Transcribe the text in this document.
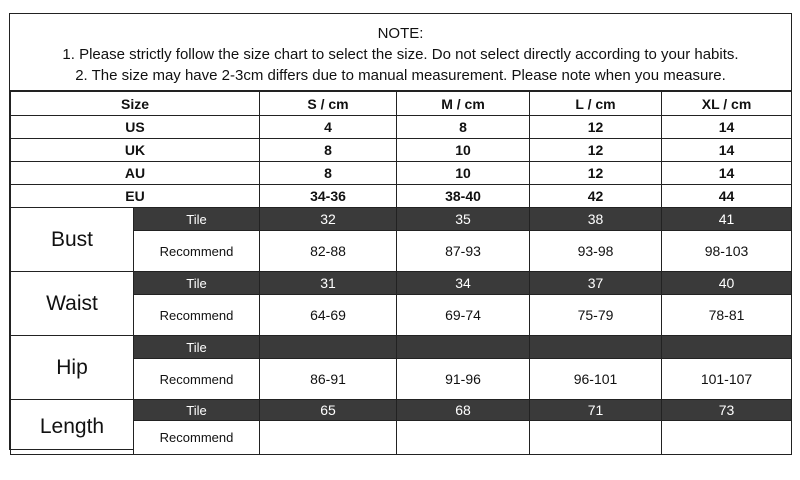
NOTE:
1. Please strictly follow the size chart to select the size. Do not select directly according to your habits.
2. The size may have 2-3cm differs due to manual measurement. Please note when you measure.
Size		S / cm	M / cm	L / cm	XL / cm
US		4	8	12	14
UK		8	10	12	14
AU		8	10	12	14
EU		34-36	38-40	42	44
Bust	Tile	32	35	38	41
	Recommend	82-88	87-93	93-98	98-103
Waist	Tile	31	34	37	40
	Recommend	64-69	69-74	75-79	78-81
Hip	Tile				
	Recommend	86-91	91-96	96-101	101-107
Length	Tile	65	68	71	73
	Recommend				
